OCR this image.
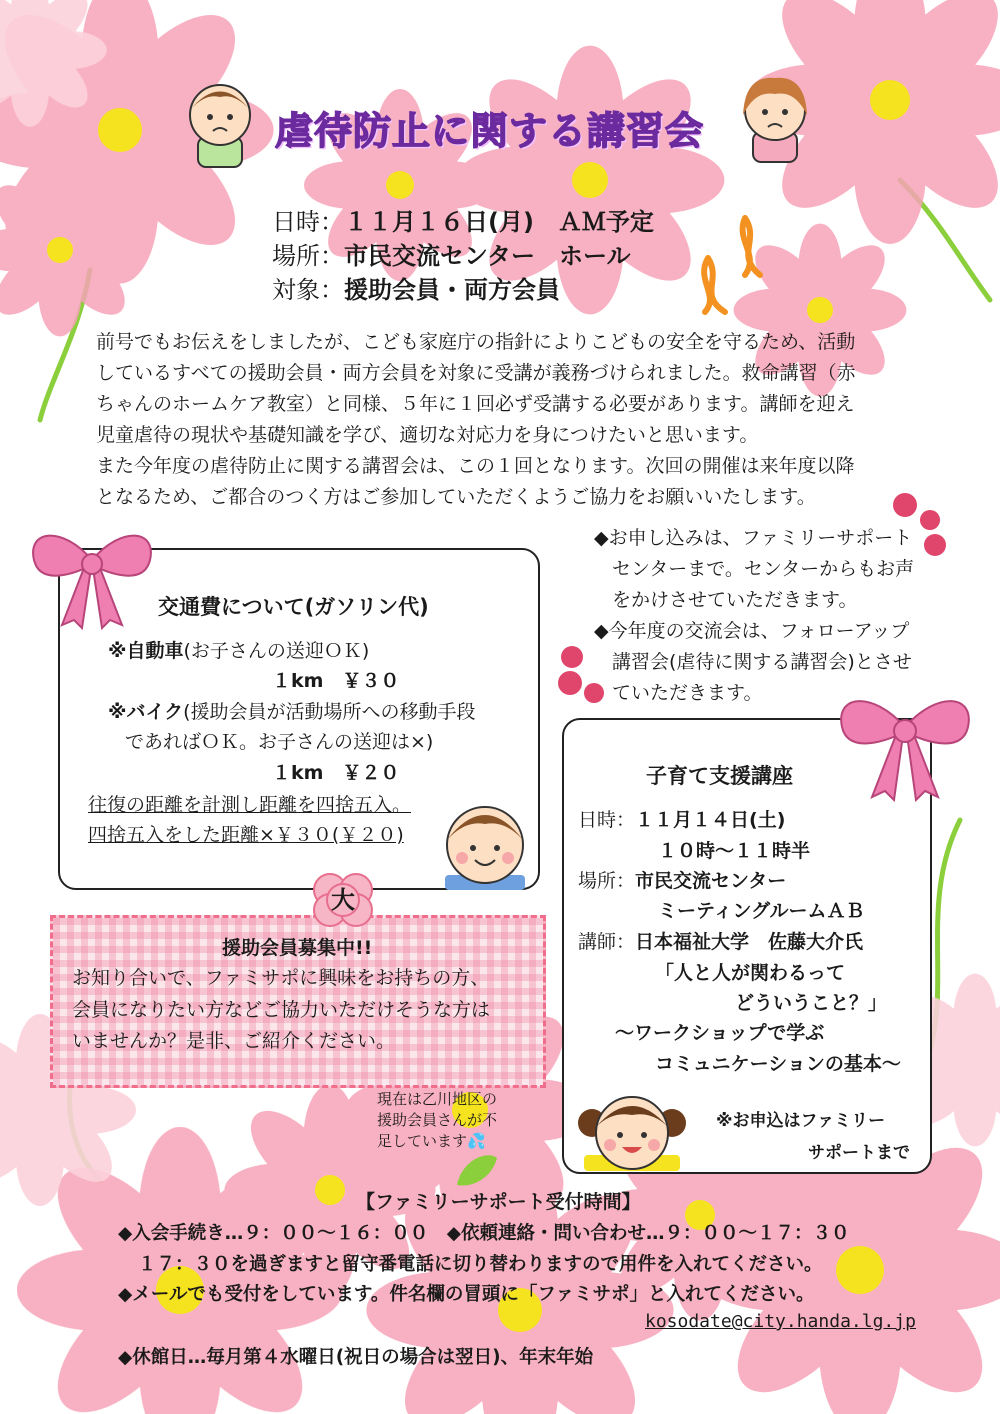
虐待防止に関する講習会
日時：１１月１６日(月)　ＡＭ予定
場所：市民交流センター　ホール
対象：援助会員・両方会員

前号でもお伝えをしましたが、こども家庭庁の指針によりこどもの安全を守るため、活動

しているすべての援助会員・両方会員を対象に受講が義務づけられました。救命講習（赤

ちゃんのホームケア教室）と同様、５年に１回必ず受講する必要があります。講師を迎え

児童虐待の現状や基礎知識を学び、適切な対応力を身につけたいと思います。

また今年度の虐待防止に関する講習会は、この１回となります。次回の開催は来年度以降

となるため、ご都合のつく方はご参加していただくようご協力をお願いいたします。

交通費について(ガソリン代)
※自動車(お子さんの送迎ＯＫ)
１km　￥３０
※バイク(援助会員が活動場所への移動手段
であればＯＫ。お子さんの送迎は×)
１km　￥２０
往復の距離を計測し距離を四捨五入。
四捨五入をした距離×￥３０(￥２０)
◆お申し込みは、ファミリーサポート
センターまで。センターからもお声
をかけさせていただきます。
◆今年度の交流会は、フォローアップ
講習会(虐待に関する講習会)とさせ
ていただきます。
大
援助会員募集中!!
お知り合いで、ファミサポに興味をお持ちの方、
会員になりたい方などご協力いただけそうな方は
いませんか？是非、ご紹介ください。
現在は乙川地区の
援助会員さんが不
足しています💦
子育て支援講座
日時：１１月１４日(土)
１０時～１１時半
場所：市民交流センター
ミーティングルームＡＢ
講師：日本福祉大学　佐藤大介氏
「人と人が関わるって
どういうこと？」
～ワークショップで学ぶ
コミュニケーションの基本～
※お申込はファミリー
サポートまで
【ファミリーサポート受付時間】
◆入会手続き…９：００～１６：００　◆依頼連絡・問い合わせ…９：００～１７：３０
１７：３０を過ぎますと留守番電話に切り替わりますので用件を入れてください。
◆メールでも受付をしています。件名欄の冒頭に「ファミサポ」と入れてください。
kosodate@city.handa.lg.jp
◆休館日…毎月第４水曜日(祝日の場合は翌日)、年末年始
